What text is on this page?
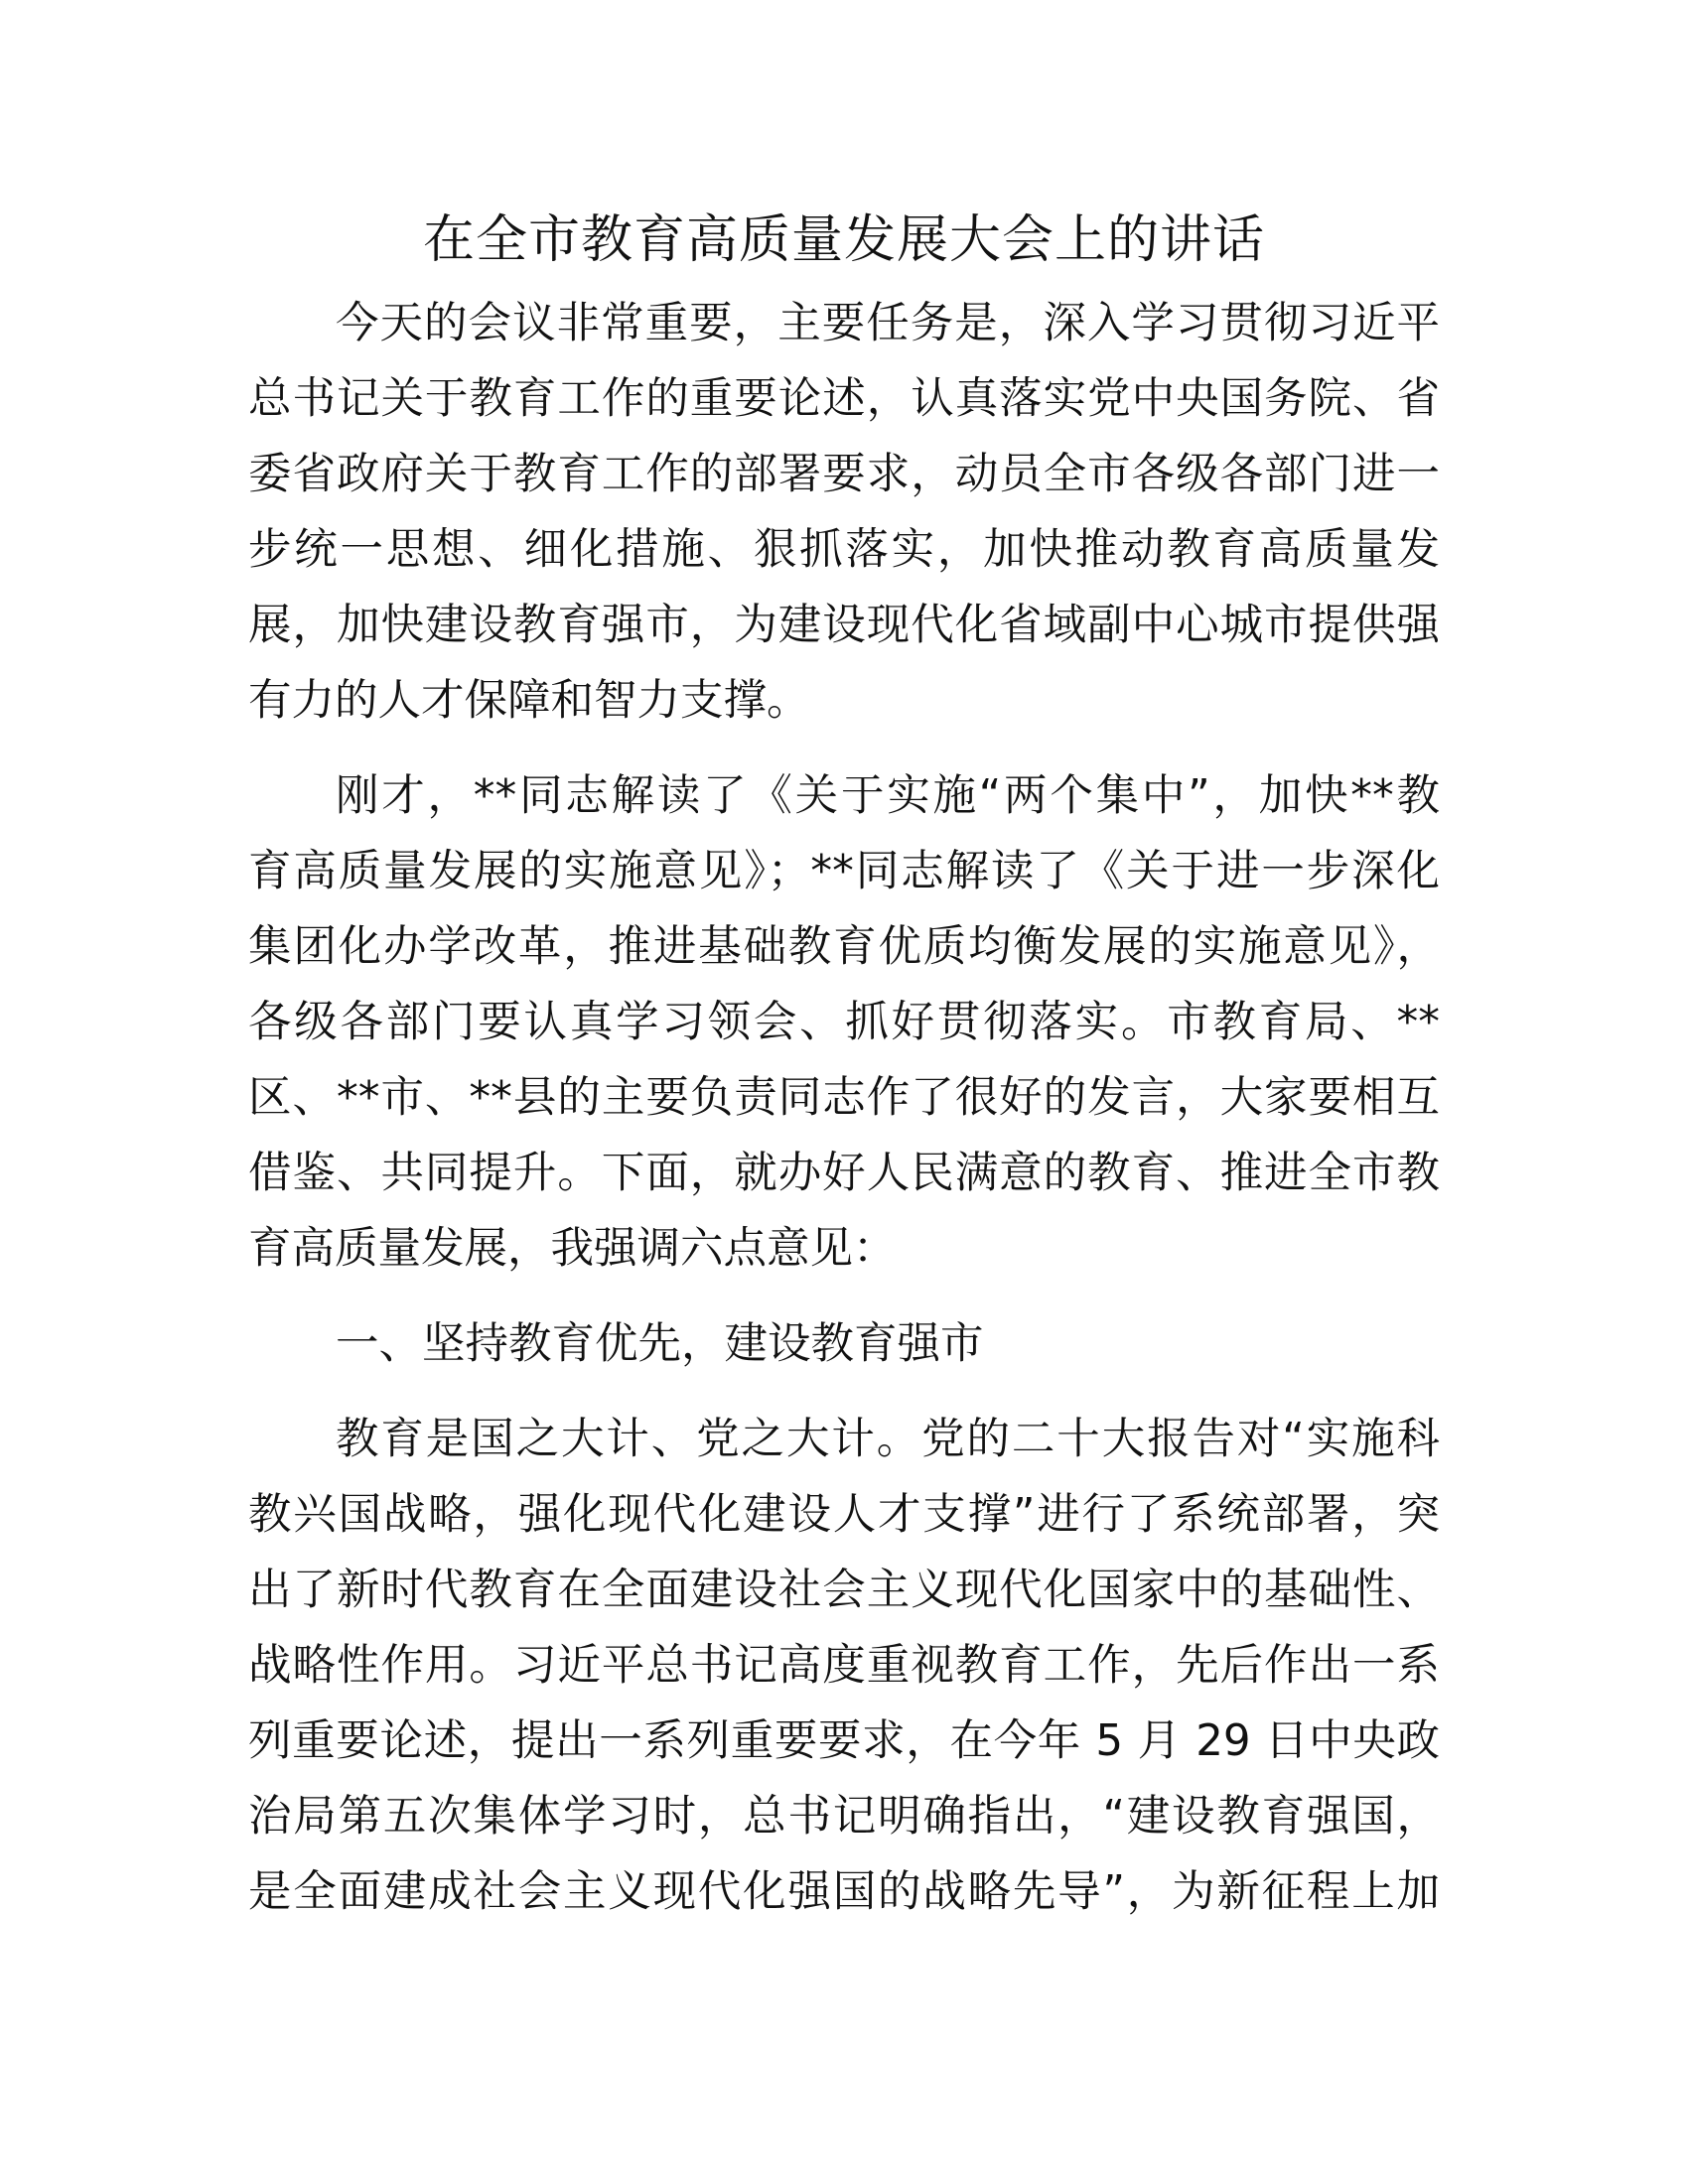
在全市教育高质量发展大会上的讲话
今天的会议非常重要，主要任务是，深入学习贯彻习近平
总书记关于教育工作的重要论述，认真落实党中央国务院、省
委省政府关于教育工作的部署要求，动员全市各级各部门进一
步统一思想、细化措施、狠抓落实，加快推动教育高质量发
展，加快建设教育强市，为建设现代化省域副中心城市提供强
有力的人才保障和智力支撑。
刚才，**同志解读了《关于实施“两个集中”，加快**教
育高质量发展的实施意见》；**同志解读了《关于进一步深化
集团化办学改革，推进基础教育优质均衡发展的实施意见》，
各级各部门要认真学习领会、抓好贯彻落实。市教育局、**
区、**市、**县的主要负责同志作了很好的发言，大家要相互
借鉴、共同提升。下面，就办好人民满意的教育、推进全市教
育高质量发展，我强调六点意见：
一、坚持教育优先，建设教育强市
教育是国之大计、党之大计。党的二十大报告对“实施科
教兴国战略，强化现代化建设人才支撑”进行了系统部署，突
出了新时代教育在全面建设社会主义现代化国家中的基础性、
战略性作用。习近平总书记高度重视教育工作，先后作出一系
列重要论述，提出一系列重要要求，在今年 5 月 29 日中央政
治局第五次集体学习时，总书记明确指出，“建设教育强国，
是全面建成社会主义现代化强国的战略先导”，为新征程上加
